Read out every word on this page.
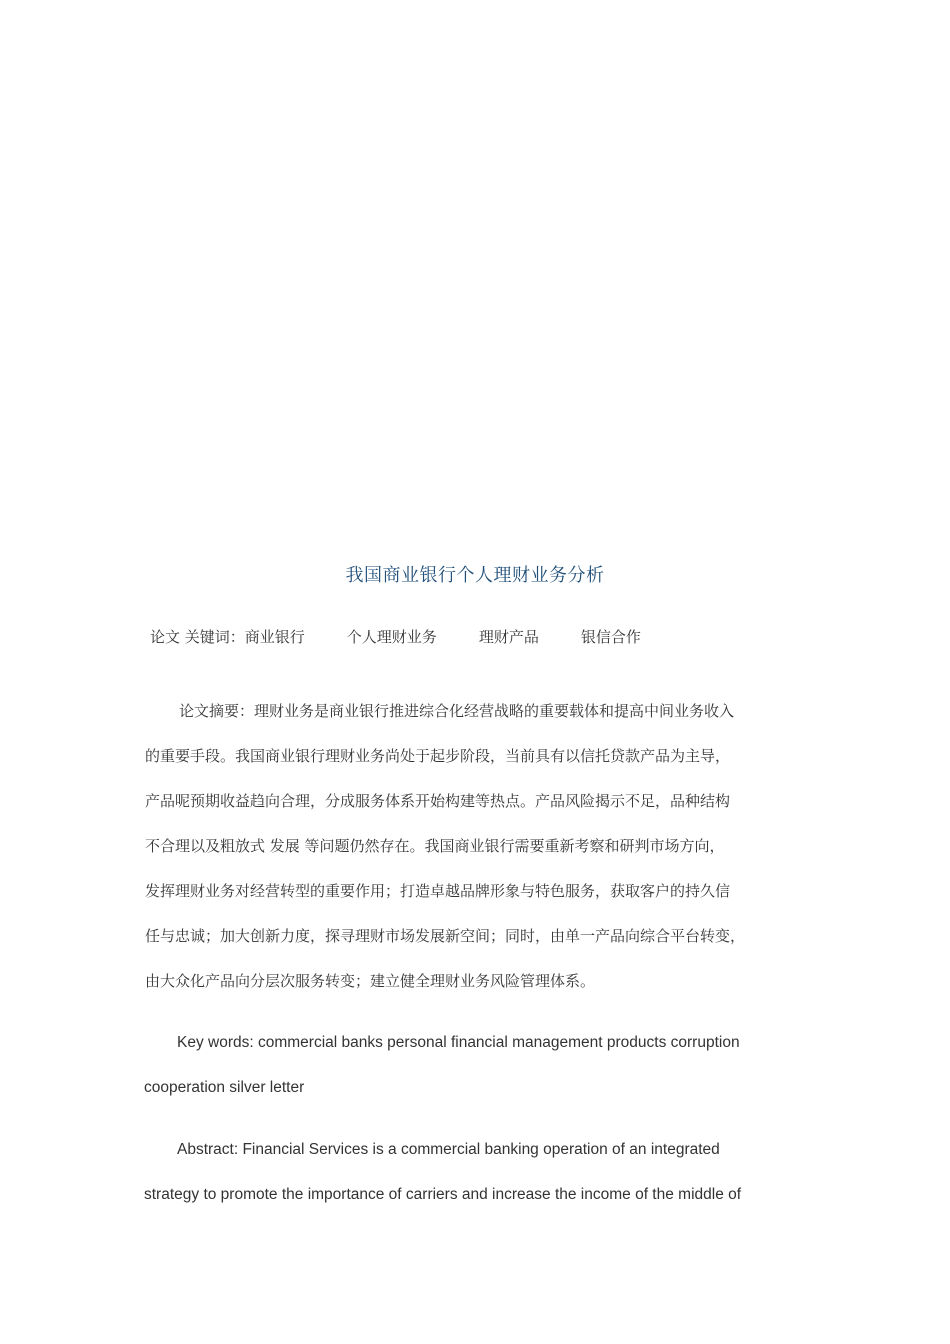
我国商业银行个人理财业务分析
论文 关键词：商业银行	个人理财业务	理财产品	银信合作
论文摘要：理财业务是商业银行推进综合化经营战略的重要载体和提高中间业务收入
的重要手段。我国商业银行理财业务尚处于起步阶段，当前具有以信托贷款产品为主导，
产品呢预期收益趋向合理，分成服务体系开始构建等热点。产品风险揭示不足，品种结构
不合理以及粗放式 发展 等问题仍然存在。我国商业银行需要重新考察和研判市场方向，
发挥理财业务对经营转型的重要作用；打造卓越品牌形象与特色服务，获取客户的持久信
任与忠诚；加大创新力度，探寻理财市场发展新空间；同时，由单一产品向综合平台转变，
由大众化产品向分层次服务转变；建立健全理财业务风险管理体系。
Key words: commercial banks personal financial management products corruption
cooperation silver letter
Abstract: Financial Services is a commercial banking operation of an integrated
strategy to promote the importance of carriers and increase the income of the middle of
